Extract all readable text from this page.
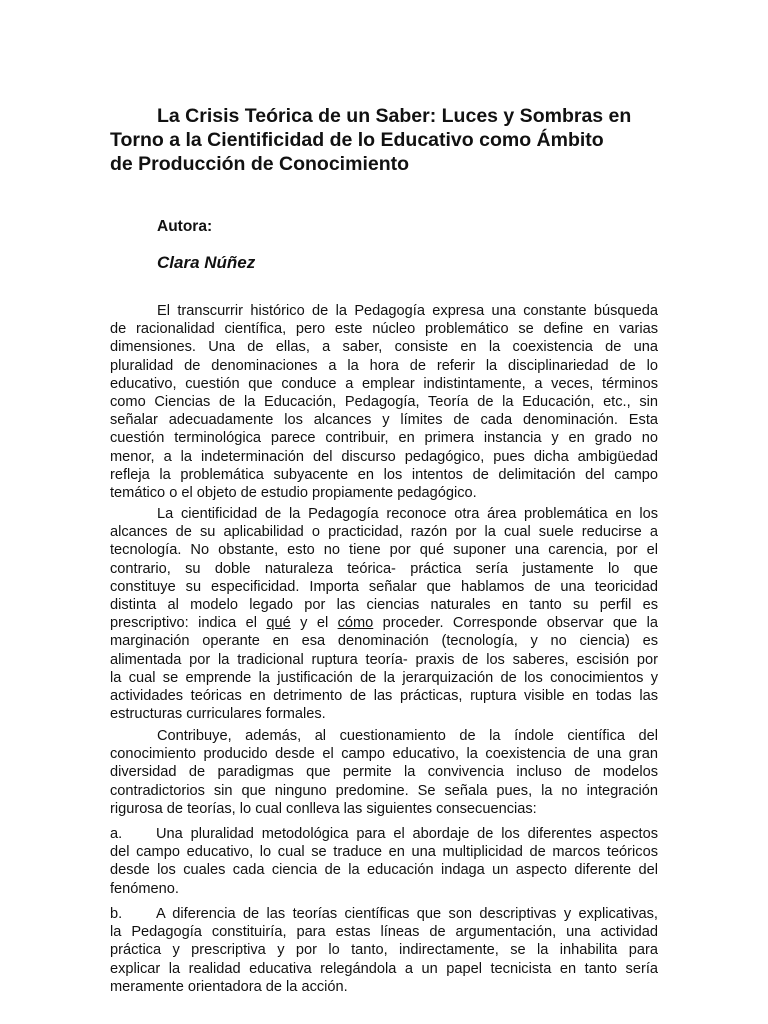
La Crisis Teórica de un Saber: Luces y Sombras en
Torno a la Cientificidad de lo Educativo como Ámbito
de Producción de Conocimiento

Autora:

Clara Núñez

El transcurrir histórico de la Pedagogía expresa una constante búsqueda
de racionalidad científica, pero este núcleo problemático se define en varias
dimensiones. Una de ellas, a saber, consiste en la coexistencia de una
pluralidad de denominaciones a la hora de referir la disciplinariedad de lo
educativo, cuestión que conduce a emplear indistintamente, a veces, términos
como Ciencias de la Educación, Pedagogía, Teoría de la Educación, etc., sin
señalar adecuadamente los alcances y límites de cada denominación. Esta
cuestión terminológica parece contribuir, en primera instancia y en grado no
menor, a la indeterminación del discurso pedagógico, pues dicha ambigüedad
refleja la problemática subyacente en los intentos de delimitación del campo
temático o el objeto de estudio propiamente pedagógico.
La cientificidad de la Pedagogía reconoce otra área problemática en los
alcances de su aplicabilidad o practicidad, razón por la cual suele reducirse a
tecnología. No obstante, esto no tiene por qué suponer una carencia, por el
contrario, su doble naturaleza teórica- práctica sería justamente lo que
constituye su especificidad. Importa señalar que hablamos de una teoricidad
distinta al modelo legado por las ciencias naturales en tanto su perfil es
prescriptivo: indica el qué y el cómo proceder. Corresponde observar que la
marginación operante en esa denominación (tecnología, y no ciencia) es
alimentada por la tradicional ruptura teoría- praxis de los saberes, escisión por
la cual se emprende la justificación de la jerarquización de los conocimientos y
actividades teóricas en detrimento de las prácticas, ruptura visible en todas las
estructuras curriculares formales.
Contribuye, además, al cuestionamiento de la índole científica del
conocimiento producido desde el campo educativo, la coexistencia de una gran
diversidad de paradigmas que permite la convivencia incluso de modelos
contradictorios sin que ninguno predomine. Se señala pues, la no integración
rigurosa de teorías, lo cual conlleva las siguientes consecuencias:
a. Una pluralidad metodológica para el abordaje de los diferentes aspectos
del campo educativo, lo cual se traduce en una multiplicidad de marcos teóricos
desde los cuales cada ciencia de la educación indaga un aspecto diferente del
fenómeno.
b. A diferencia de las teorías científicas que son descriptivas y explicativas,
la Pedagogía constituiría, para estas líneas de argumentación, una actividad
práctica y prescriptiva y por lo tanto, indirectamente, se la inhabilita para
explicar la realidad educativa relegándola a un papel tecnicista en tanto sería
meramente orientadora de la acción.
